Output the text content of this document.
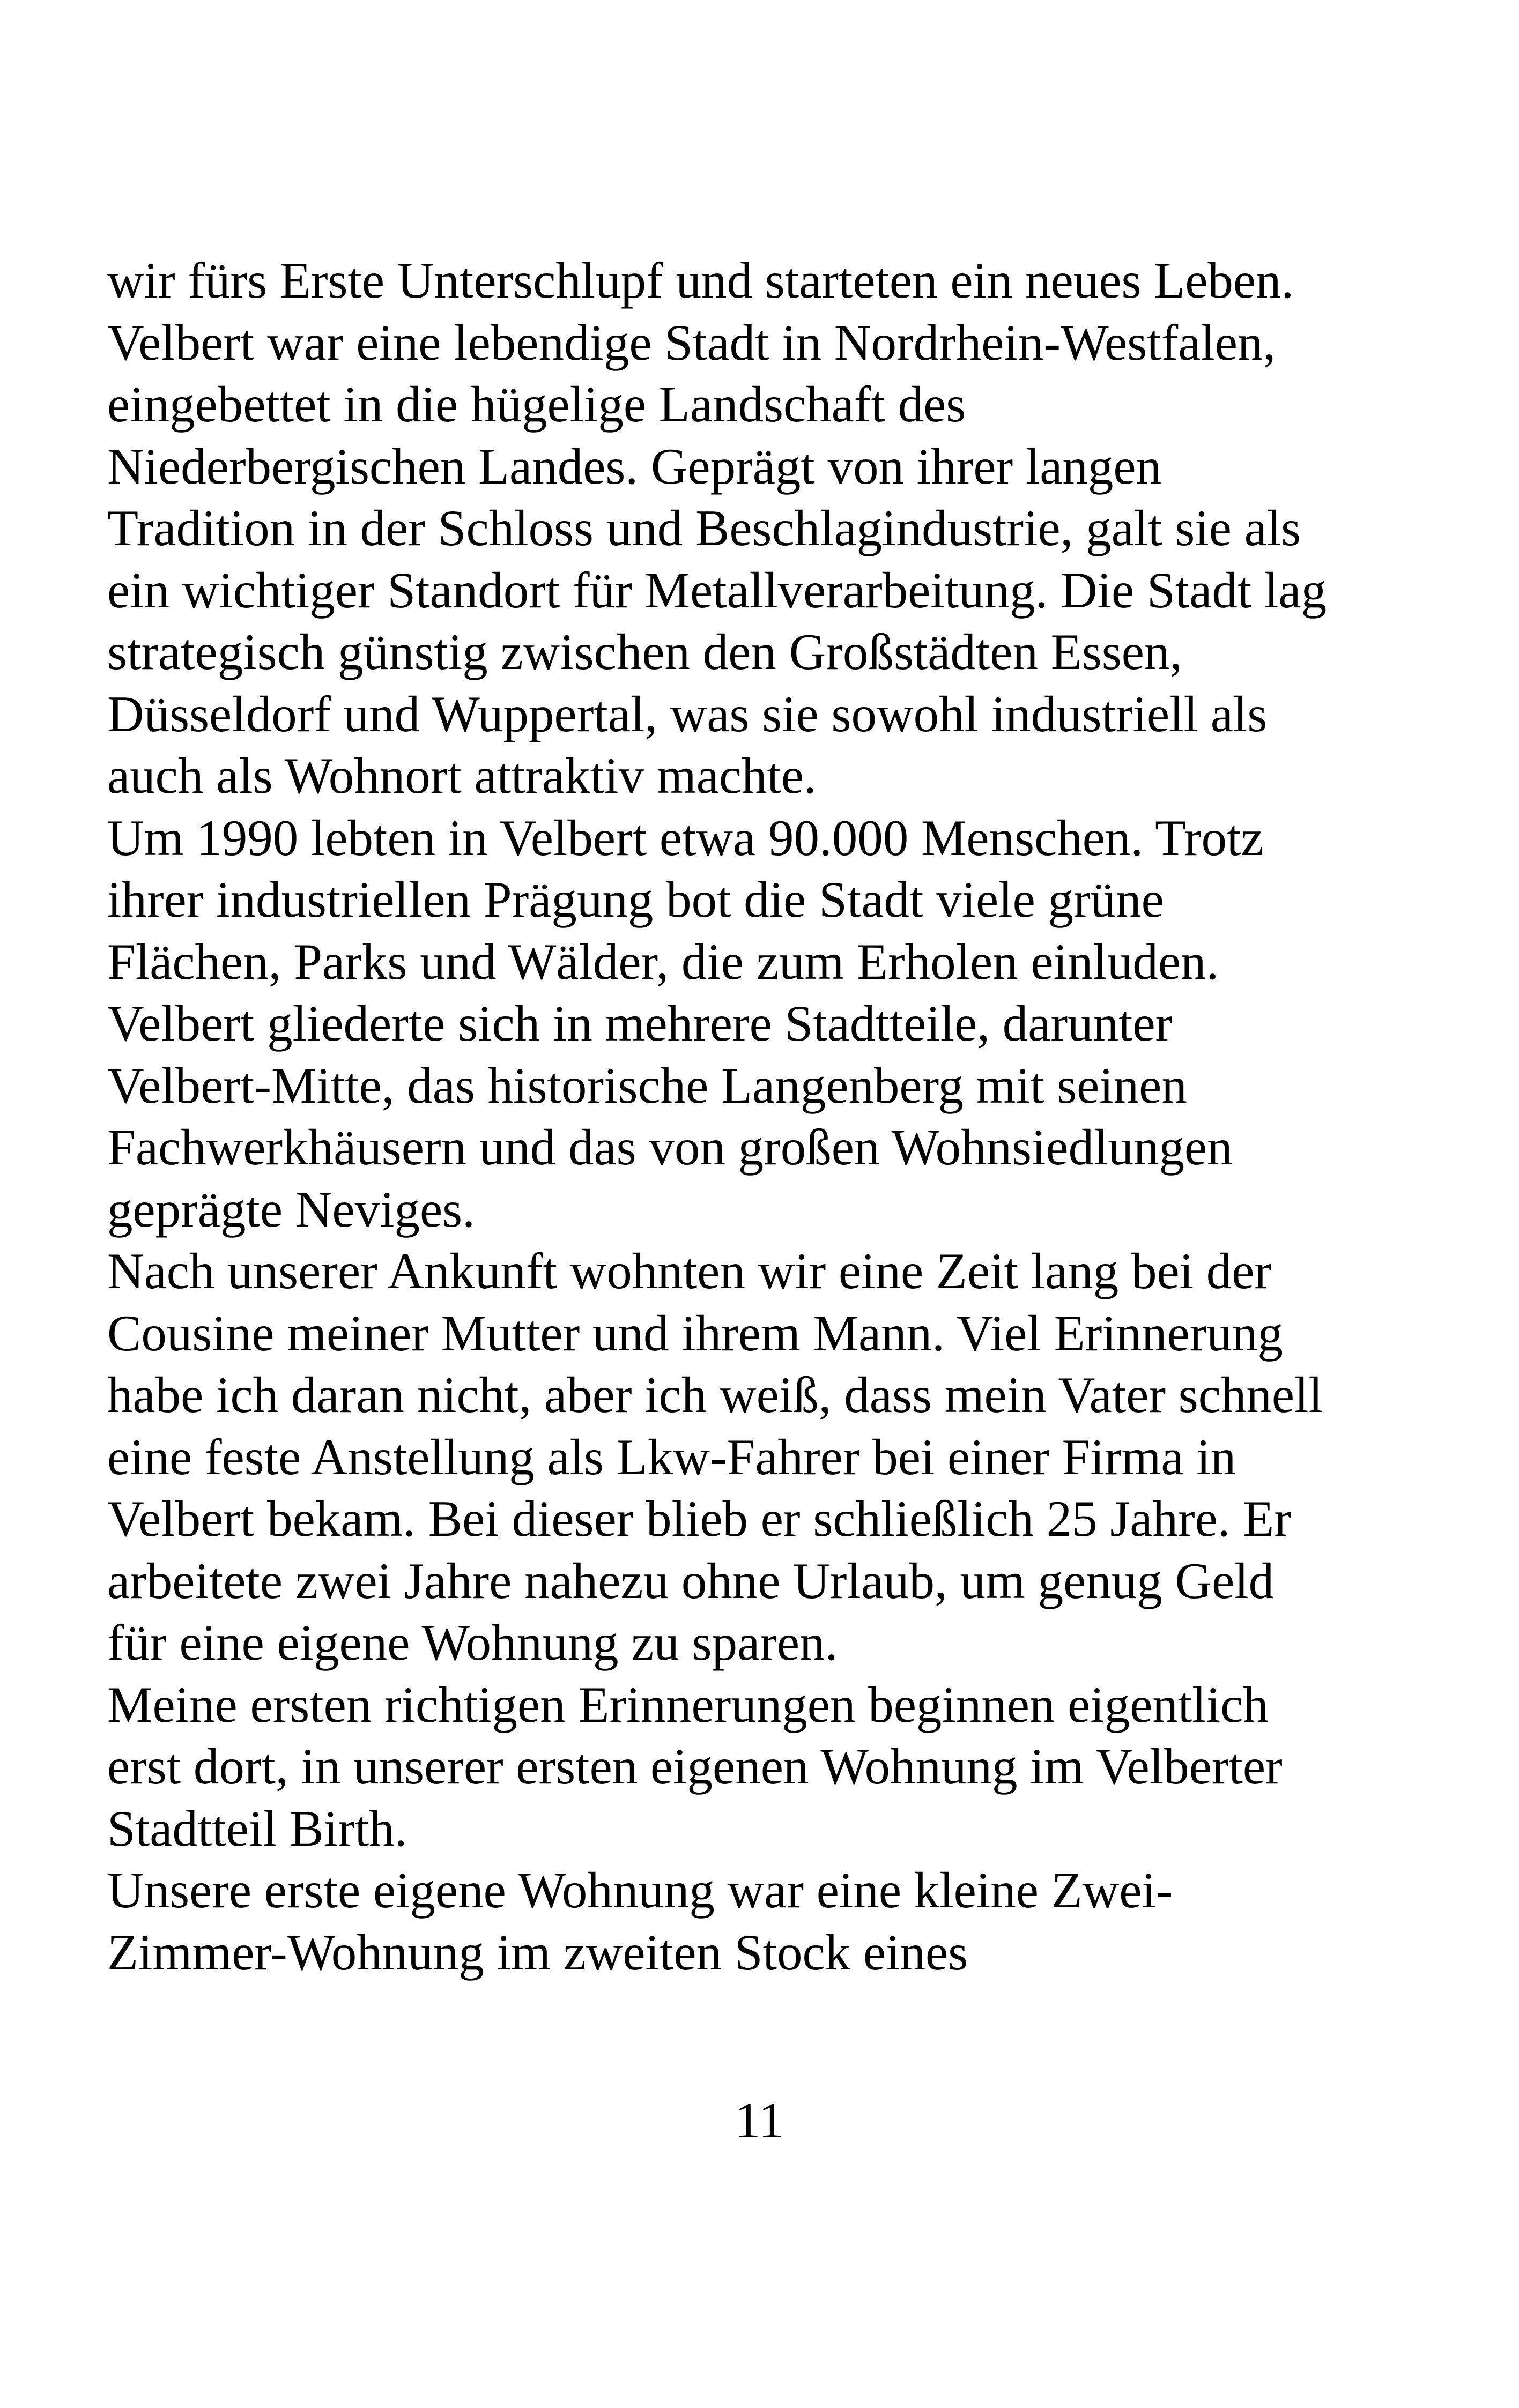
wir fürs Erste Unterschlupf und starteten ein neues Leben.
Velbert war eine lebendige Stadt in Nordrhein-Westfalen,
eingebettet in die hügelige Landschaft des
Niederbergischen Landes. Geprägt von ihrer langen
Tradition in der Schloss und Beschlagindustrie, galt sie als
ein wichtiger Standort für Metallverarbeitung. Die Stadt lag
strategisch günstig zwischen den Großstädten Essen,
Düsseldorf und Wuppertal, was sie sowohl industriell als
auch als Wohnort attraktiv machte.
Um 1990 lebten in Velbert etwa 90.000 Menschen. Trotz
ihrer industriellen Prägung bot die Stadt viele grüne
Flächen, Parks und Wälder, die zum Erholen einluden.
Velbert gliederte sich in mehrere Stadtteile, darunter
Velbert-Mitte, das historische Langenberg mit seinen
Fachwerkhäusern und das von großen Wohnsiedlungen
geprägte Neviges.
Nach unserer Ankunft wohnten wir eine Zeit lang bei der
Cousine meiner Mutter und ihrem Mann. Viel Erinnerung
habe ich daran nicht, aber ich weiß, dass mein Vater schnell
eine feste Anstellung als Lkw-Fahrer bei einer Firma in
Velbert bekam. Bei dieser blieb er schließlich 25 Jahre. Er
arbeitete zwei Jahre nahezu ohne Urlaub, um genug Geld
für eine eigene Wohnung zu sparen.
Meine ersten richtigen Erinnerungen beginnen eigentlich
erst dort, in unserer ersten eigenen Wohnung im Velberter
Stadtteil Birth.
Unsere erste eigene Wohnung war eine kleine Zwei-
Zimmer-Wohnung im zweiten Stock eines
11
